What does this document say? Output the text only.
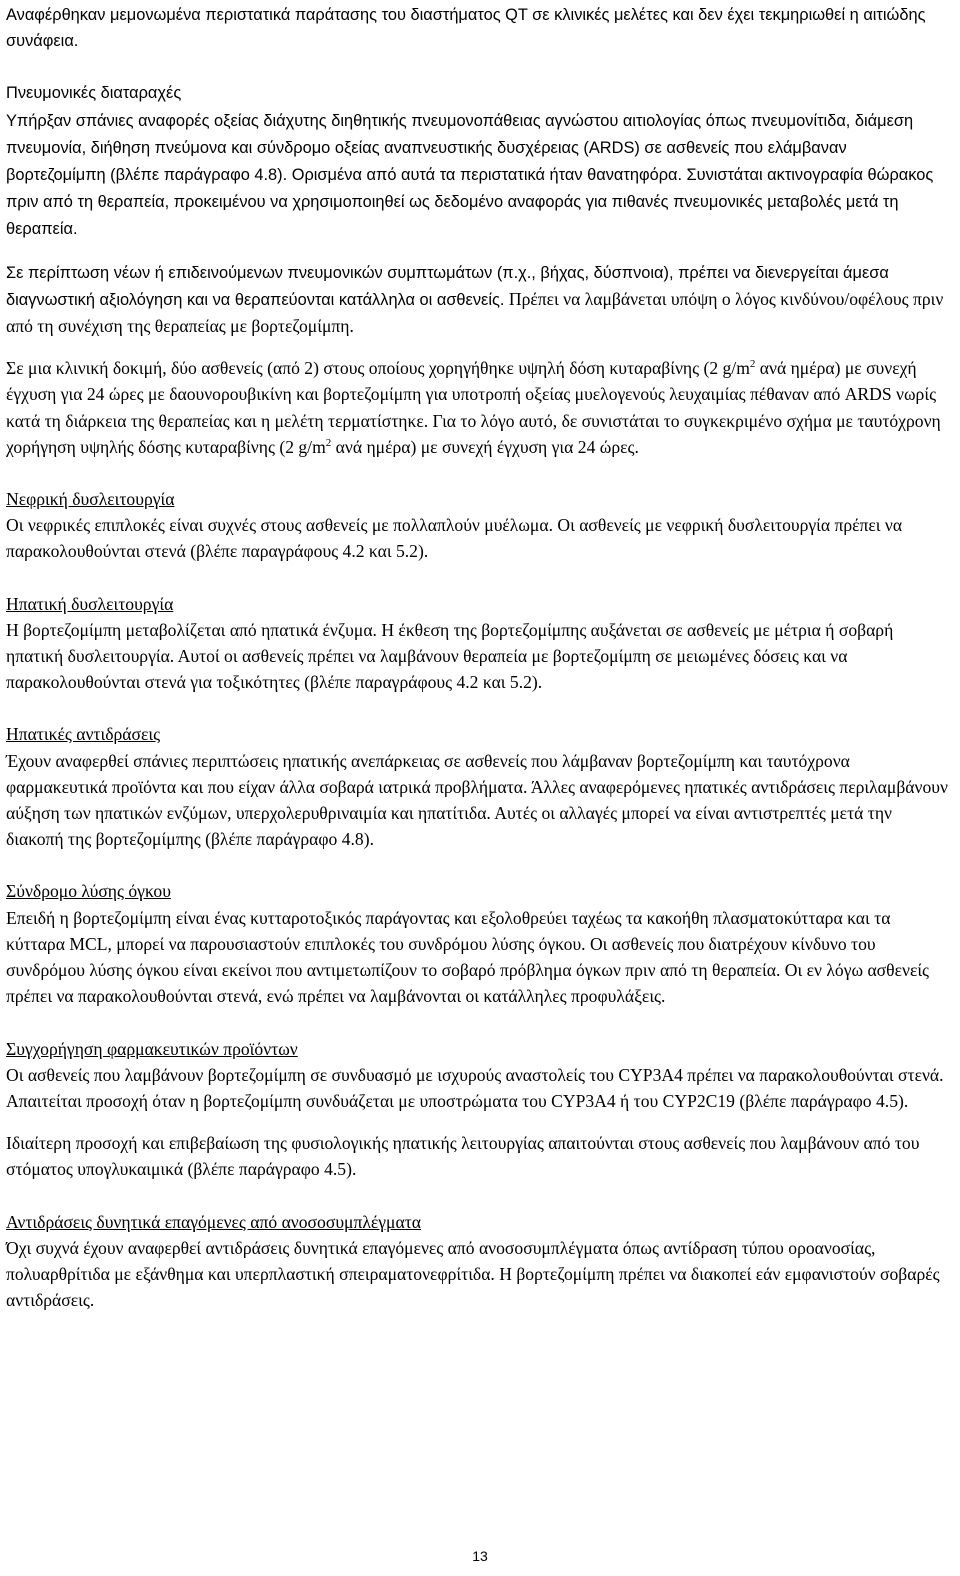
Αναφέρθηκαν μεμονωμένα περιστατικά παράτασης του διαστήματος QT σε κλινικές μελέτες και δεν έχει τεκμηριωθεί η αιτιώδης συνάφεια.

Πνευμονικές διαταραχές

Υπήρξαν σπάνιες αναφορές οξείας διάχυτης διηθητικής πνευμονοπάθειας αγνώστου αιτιολογίας όπως πνευμονίτιδα, διάμεση πνευμονία, διήθηση πνεύμονα και σύνδρομο οξείας αναπνευστικής δυσχέρειας (ARDS) σε ασθενείς που ελάμβαναν βορτεζομίμπη (βλέπε παράγραφο 4.8). Ορισμένα από αυτά τα περιστατικά ήταν θανατηφόρα. Συνιστάται ακτινογραφία θώρακος πριν από τη θεραπεία, προκειμένου να χρησιμοποιηθεί ως δεδομένο αναφοράς για πιθανές πνευμονικές μεταβολές μετά τη θεραπεία.

Σε περίπτωση νέων ή επιδεινούμενων πνευμονικών συμπτωμάτων (π.χ., βήχας, δύσπνοια), πρέπει να διενεργείται άμεσα διαγνωστική αξιολόγηση και να θεραπεύονται κατάλληλα οι ασθενείς. Πρέπει να λαμβάνεται υπόψη ο λόγος κινδύνου/οφέλους πριν από τη συνέχιση της θεραπείας με βορτεζομίμπη.

Σε μια κλινική δοκιμή, δύο ασθενείς (από 2) στους οποίους χορηγήθηκε υψηλή δόση κυταραβίνης (2 $g/m^2$ ανά ημέρα) με συνεχή έγχυση για 24 ώρες με δαουνορουβικίνη και βορτεζομίμπη για υποτροπή οξείας μυελογενούς λευχαιμίας πέθαναν από ARDS νωρίς κατά τη διάρκεια της θεραπείας και η μελέτη τερματίστηκε. Για το λόγο αυτό, δε συνιστάται το συγκεκριμένο σχήμα με ταυτόχρονη χορήγηση υψηλής δόσης κυταραβίνης (2 $g/m^2$ ανά ημέρα) με συνεχή έγχυση για 24 ώρες.

Νεφρική δυσλειτουργία

Οι νεφρικές επιπλοκές είναι συχνές στους ασθενείς με πολλαπλούν μυέλωμα. Οι ασθενείς με νεφρική δυσλειτουργία πρέπει να παρακολουθούνται στενά (βλέπε παραγράφους 4.2 και 5.2).

Ηπατική δυσλειτουργία

Η βορτεζομίμπη μεταβολίζεται από ηπατικά ένζυμα. Η έκθεση της βορτεζομίμπης αυξάνεται σε ασθενείς με μέτρια ή σοβαρή ηπατική δυσλειτουργία. Αυτοί οι ασθενείς πρέπει να λαμβάνουν θεραπεία με βορτεζομίμπη σε μειωμένες δόσεις και να παρακολουθούνται στενά για τοξικότητες (βλέπε παραγράφους 4.2 και 5.2).

Ηπατικές αντιδράσεις

Έχουν αναφερθεί σπάνιες περιπτώσεις ηπατικής ανεπάρκειας σε ασθενείς που λάμβαναν βορτεζομίμπη και ταυτόχρονα φαρμακευτικά προϊόντα και που είχαν άλλα σοβαρά ιατρικά προβλήματα. Άλλες αναφερόμενες ηπατικές αντιδράσεις περιλαμβάνουν αύξηση των ηπατικών ενζύμων, υπερχολερυθριναιμία και ηπατίτιδα. Αυτές οι αλλαγές μπορεί να είναι αντιστρεπτές μετά την διακοπή της βορτεζομίμπης (βλέπε παράγραφο 4.8).

Σύνδρομο λύσης όγκου

Επειδή η βορτεζομίμπη είναι ένας κυτταροτοξικός παράγοντας και εξολοθρεύει ταχέως τα κακοήθη πλασματοκύτταρα και τα κύτταρα MCL, μπορεί να παρουσιαστούν επιπλοκές του συνδρόμου λύσης όγκου. Οι ασθενείς που διατρέχουν κίνδυνο του συνδρόμου λύσης όγκου είναι εκείνοι που αντιμετωπίζουν το σοβαρό πρόβλημα όγκων πριν από τη θεραπεία. Οι εν λόγω ασθενείς πρέπει να παρακολουθούνται στενά, ενώ πρέπει να λαμβάνονται οι κατάλληλες προφυλάξεις.

Συγχορήγηση φαρμακευτικών προϊόντων

Οι ασθενείς που λαμβάνουν βορτεζομίμπη σε συνδυασμό με ισχυρούς αναστολείς του CYP3A4 πρέπει να παρακολουθούνται στενά. Απαιτείται προσοχή όταν η βορτεζομίμπη συνδυάζεται με υποστρώματα του CYP3A4 ή του CYP2C19 (βλέπε παράγραφο 4.5).

Ιδιαίτερη προσοχή και επιβεβαίωση της φυσιολογικής ηπατικής λειτουργίας απαιτούνται στους ασθενείς που λαμβάνουν από του στόματος υπογλυκαιμικά (βλέπε παράγραφο 4.5).

Αντιδράσεις δυνητικά επαγόμενες από ανοσοσυμπλέγματα

Όχι συχνά έχουν αναφερθεί αντιδράσεις δυνητικά επαγόμενες από ανοσοσυμπλέγματα όπως αντίδραση τύπου οροανοσίας, πολυαρθρίτιδα με εξάνθημα και υπερπλαστική σπειραματονεφρίτιδα. Η βορτεζομίμπη πρέπει να διακοπεί εάν εμφανιστούν σοβαρές αντιδράσεις.

13
